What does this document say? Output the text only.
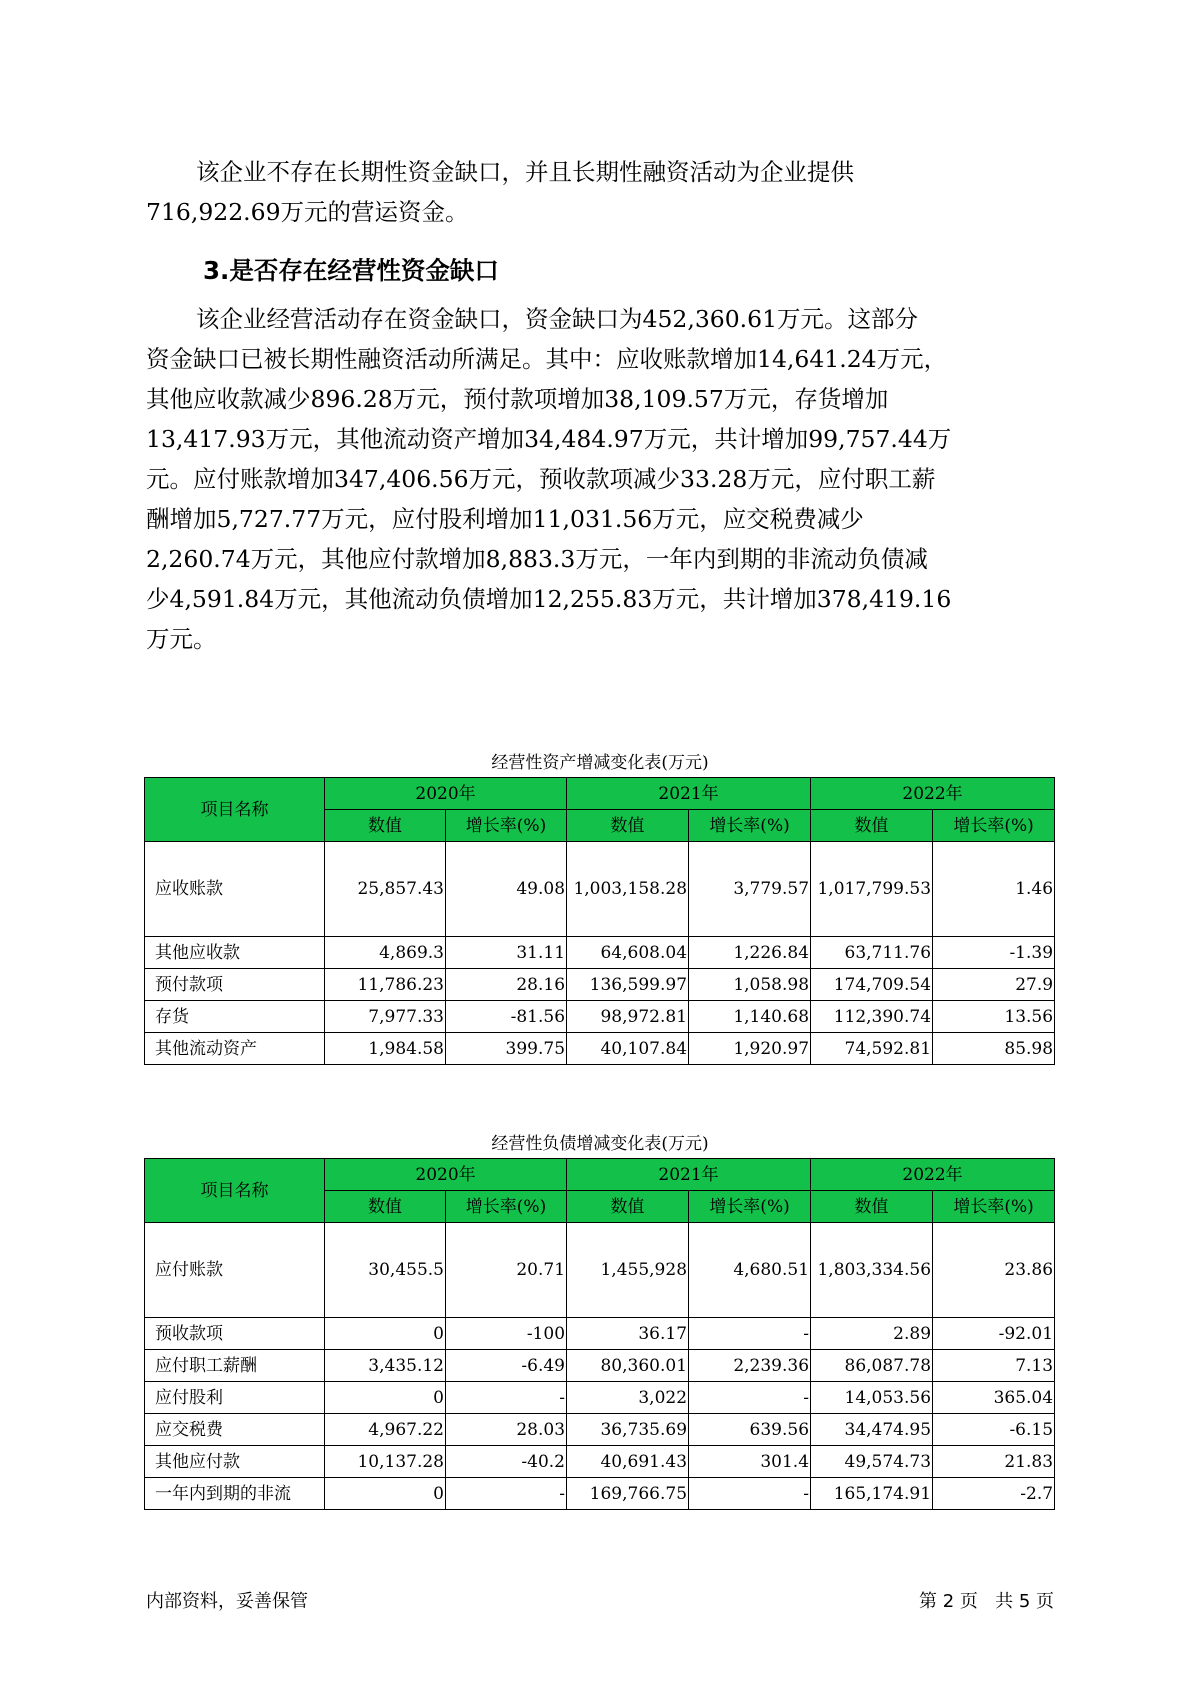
该企业不存在长期性资金缺口，并且长期性融资活动为企业提供
716,922.69万元的营运资金。
3.是否存在经营性资金缺口
该企业经营活动存在资金缺口，资金缺口为452,360.61万元。这部分
资金缺口已被长期性融资活动所满足。其中：应收账款增加14,641.24万元，
其他应收款减少896.28万元，预付款项增加38,109.57万元，存货增加
13,417.93万元，其他流动资产增加34,484.97万元，共计增加99,757.44万
元。应付账款增加347,406.56万元，预收款项减少33.28万元，应付职工薪
酬增加5,727.77万元，应付股利增加11,031.56万元，应交税费减少
2,260.74万元，其他应付款增加8,883.3万元，一年内到期的非流动负债减
少4,591.84万元，其他流动负债增加12,255.83万元，共计增加378,419.16
万元。
经营性资产增减变化表(万元)
项目名称	2020年		2021年		2022年	
	数值	增长率(%)	数值	增长率(%)	数值	增长率(%)
应收账款	25,857.43	49.08	1,003,158.28	3,779.57	1,017,799.53	1.46
其他应收款	4,869.3	31.11	64,608.04	1,226.84	63,711.76	-1.39
预付款项	11,786.23	28.16	136,599.97	1,058.98	174,709.54	27.9
存货	7,977.33	-81.56	98,972.81	1,140.68	112,390.74	13.56
其他流动资产	1,984.58	399.75	40,107.84	1,920.97	74,592.81	85.98
经营性负债增减变化表(万元)
项目名称	2020年		2021年		2022年	
	数值	增长率(%)	数值	增长率(%)	数值	增长率(%)
应付账款	30,455.5	20.71	1,455,928	4,680.51	1,803,334.56	23.86
预收款项	0	-100	36.17	-	2.89	-92.01
应付职工薪酬	3,435.12	-6.49	80,360.01	2,239.36	86,087.78	7.13
应付股利	0	-	3,022	-	14,053.56	365.04
应交税费	4,967.22	28.03	36,735.69	639.56	34,474.95	-6.15
其他应付款	10,137.28	-40.2	40,691.43	301.4	49,574.73	21.83
一年内到期的非流	0	-	169,766.75	-	165,174.91	-2.7
内部资料，妥善保管	第 2 页   共 5 页
